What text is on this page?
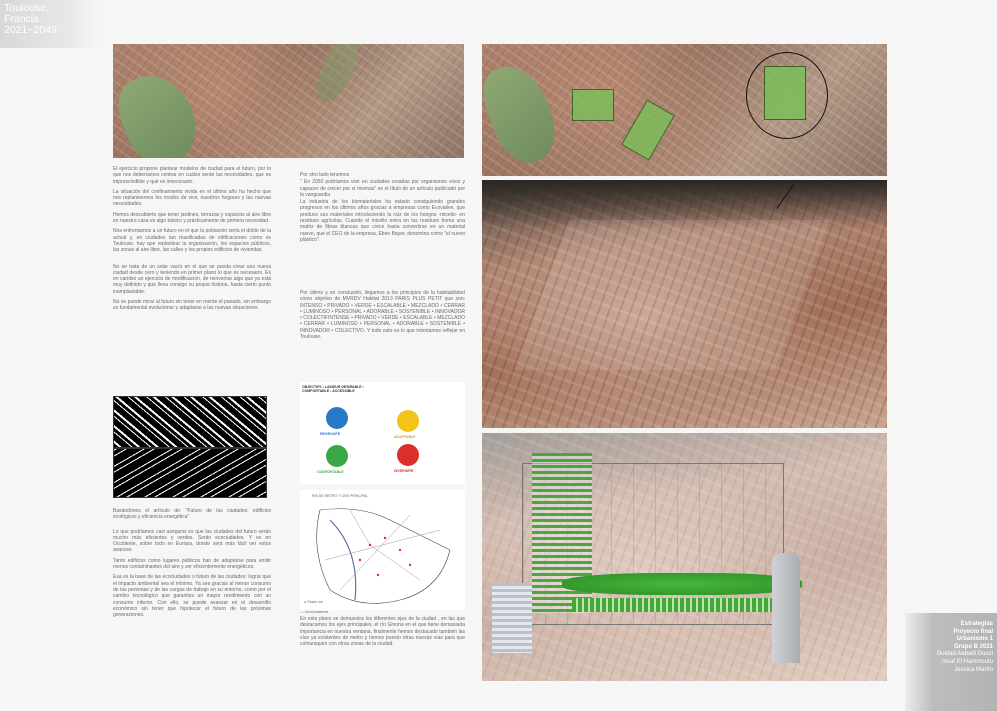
Toulouse,
Francia
2021~2049

El ejercicio propone plantear modelos de ciudad para el futuro, por lo que nos deberíamos centrar en cuáles serán las necesidades, que es imprescindible y qué es innecesario.

La situación del confinamiento vivida en el último año ha hecho que nos replanteemos los modos de vivir, nuestros hogares y las nuevas necesidades.

Hemos descubierto que tener jardines, terrazas y espacios al aire libre en nuestra casa es algo básico y prácticamente de primera necesidad.

Nos enfrentamos a un futuro en el que la población sería el doble de la actual y, en ciudades tan masificadas de edificaciones como es Toulouse, hay que replantear la organización, los espacios públicos, las zonas al aire libre, las calles y los propios edificios de viviendas.

No se trata de un solar vacío en el que se pueda crear una nueva ciudad desde cero y teniendo en primer plano lo que es necesario. Es en cambio un ejercicio de modificación, de reinventar algo que ya está muy definido y que lleva consigo su propia historia, hasta cierto punto inamplastable.

No se puede mirar al futuro sin tener en mente el pasado, sin embargo es fundamental evolucionar y adaptarse a las nuevas situaciones.

Basándonos el artículo de: "Futuro de las ciudades: edificios ecológicos y eficiencia energética"

Lo que podríamos casi asegurar es que las ciudades del futuro serán mucho más eficientes y verdes. Serán ecociudades. Y es en Occidente, sobre todo en Europa, donde será más fácil ver estos avances

Tanto edificios como lugares públicos han de adaptarse para emitir menos contaminantes del aire y ser eficientemente energéticos.

Esa es la base de las ecociudades o futuro de las ciudades: lograr que el impacto ambiental sea el mínimo. Ya sea gracias al menor consumo de las personas y de las cargas de trabajo en su entorno, como por el cambio tecnológico que garantiza un mayor rendimiento con un consumo inferior. Con ello, se puede avanzar en el desarrollo económico sin tener que hipotecar el futuro de las próximas generaciones.

Por otro lado tenemos

" En 2050 podríamos vivir en ciudades creadas por organismos vivos y capaces de crecer por sí mismas" es el título de un artículo publicado por la vanguardia

La industria de los biomateriales ha estado consiguiendo grandes progresos en los últimos años gracias a empresas como Ecovative, que produce sus materiales introduciendo la raíz de los hongos -micelio- en residuos agrícolas. Cuando el micelio entra en los residuos forma una matriz de fibras blancas que crece hasta convertirse en un material nuevo, que el CEO de la empresa, Eben Bayer, denomina como "el nuevo plástico".

Por último y en conclusión, llegamos a los principios de la habitabilidad como objetivo de MVRDV Habitat 2013 PARIS PLUS PETIT que son: INTENSO • PRIVADO • VERDE • ESCALABLE • MEZCLADO • CERRAR • LUMINOSO • PERSONAL • ADORABLE • SOSTENIBLE • INNOVADOR • COLECTIFINTENSE • PRIVADO • VERDE • ESCALABLE • MEZCLADO • CERRAR • LUMINOSO • PERSONAL • ADORABLE • SOSTENIBLE • INNOVADOR • COLECTIVO. Y todo esto es lo que intentamos reflejar en Toulouse.

OBJECTIFS • LAIDEUR DESIRABLE • COMPORTABLE • ACCESSIBLE
REGROUPÉ
CONFORTABLE
ADAPTABLE
DIVERSIFIÉ
RIS DE METRO Y GRS PRINCIPAL
● Tisséo mir
— Voi ecosistema

En este plano se demuestra los diferentes ejes de la ciudad , en las que destacamos los ejes principales, el río Ginona en el que tiene demasiada importancia en nuestra ventana, finalmente hemos destacado también las vías ya existentes de metro y hemos puesto otras nuevas vías para que comuniquen con otras zonas de la ciudad.

Estrategias
Proyecto final
Urbanismo 1
Grupo B 2021
Ouidad Aabadi Douzi
Insaf El Hammoutu
Jessica Martín
